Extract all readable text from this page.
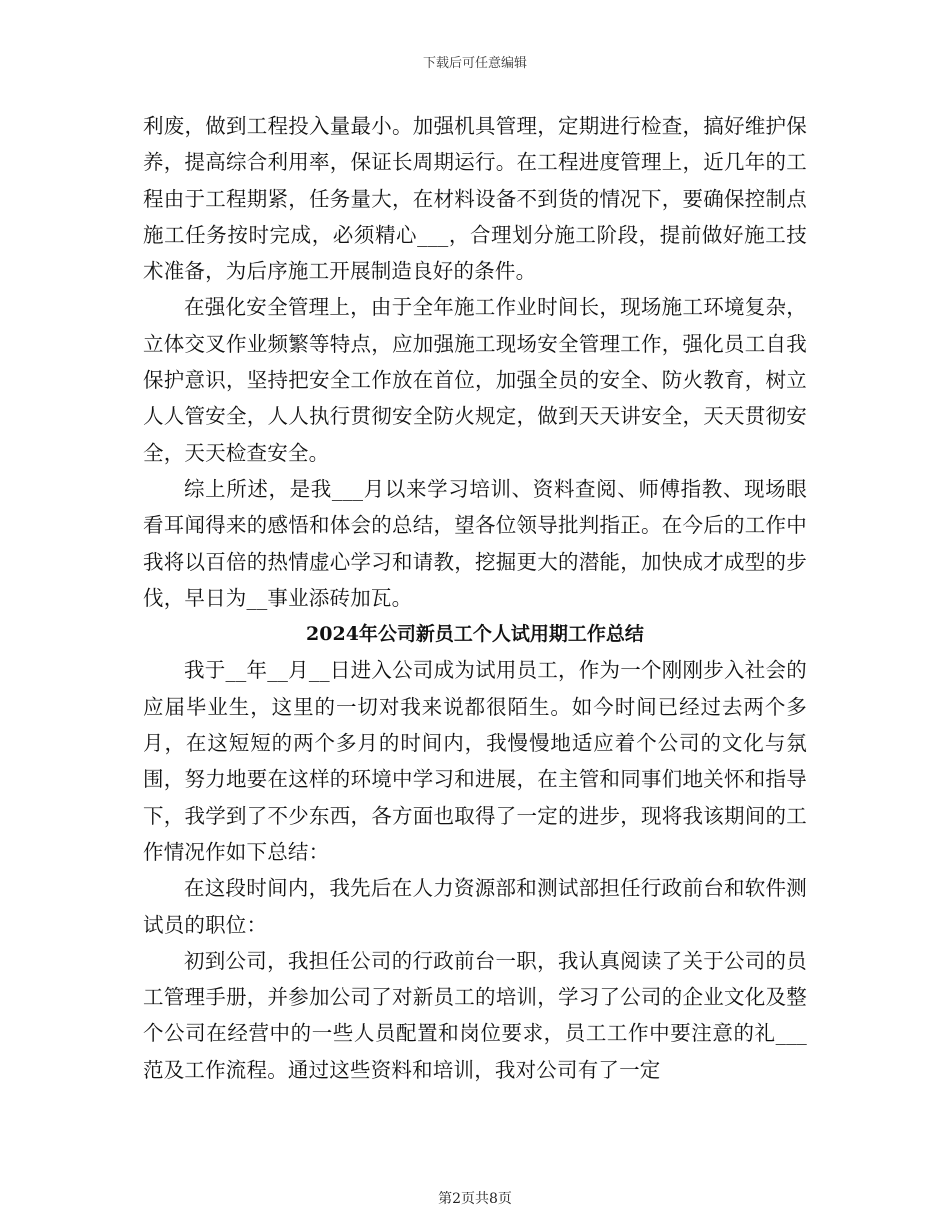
下载后可任意编辑

利废，做到工程投入量最小。加强机具管理，定期进行检查，搞好维护保养，提高综合利用率，保证长周期运行。在工程进度管理上，近几年的工程由于工程期紧，任务量大，在材料设备不到货的情况下，要确保控制点施工任务按时完成，必须精心___，合理划分施工阶段，提前做好施工技术准备，为后序施工开展制造良好的条件。

在强化安全管理上，由于全年施工作业时间长，现场施工环境复杂，立体交叉作业频繁等特点，应加强施工现场安全管理工作，强化员工自我保护意识，坚持把安全工作放在首位，加强全员的安全、防火教育，树立人人管安全，人人执行贯彻安全防火规定，做到天天讲安全，天天贯彻安全，天天检查安全。

综上所述，是我___月以来学习培训、资料查阅、师傅指教、现场眼看耳闻得来的感悟和体会的总结，望各位领导批判指正。在今后的工作中我将以百倍的热情虚心学习和请教，挖掘更大的潜能，加快成才成型的步伐，早日为__事业添砖加瓦。

2024年公司新员工个人试用期工作总结

我于__年__月__日进入公司成为试用员工，作为一个刚刚步入社会的应届毕业生，这里的一切对我来说都很陌生。如今时间已经过去两个多月，在这短短的两个多月的时间内，我慢慢地适应着个公司的文化与氛围，努力地要在这样的环境中学习和进展，在主管和同事们地关怀和指导下，我学到了不少东西，各方面也取得了一定的进步，现将我该期间的工作情况作如下总结：

在这段时间内，我先后在人力资源部和测试部担任行政前台和软件测试员的职位：

初到公司，我担任公司的行政前台一职，我认真阅读了关于公司的员工管理手册，并参加公司了对新员工的培训，学习了公司的企业文化及整个公司在经营中的一些人员配置和岗位要求，员工工作中要注意的礼___范及工作流程。通过这些资料和培训，我对公司有了一定

第2页共8页
